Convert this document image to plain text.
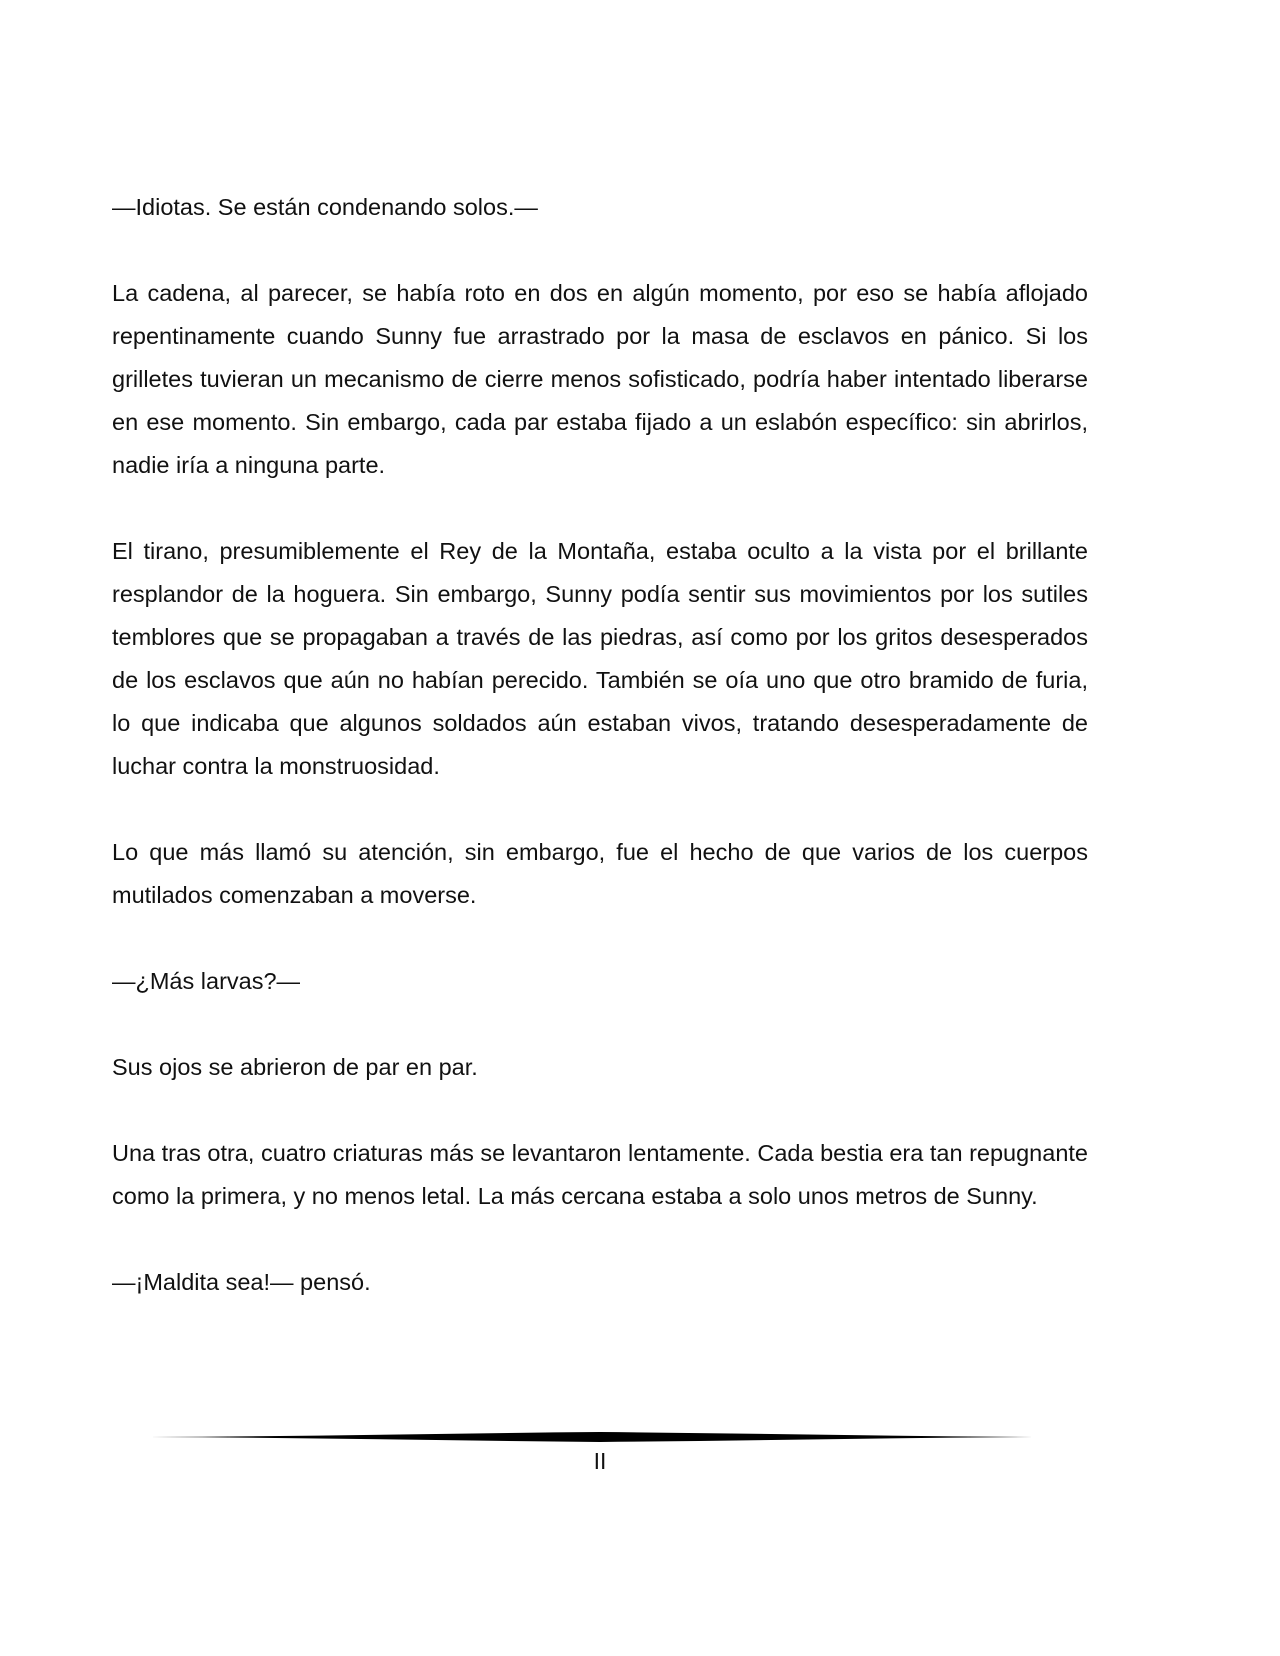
—Idiotas. Se están condenando solos.—

La cadena, al parecer, se había roto en dos en algún momento, por eso se había aflojado repentinamente cuando Sunny fue arrastrado por la masa de esclavos en pánico. Si los grilletes tuvieran un mecanismo de cierre menos sofisticado, podría haber intentado liberarse en ese momento. Sin embargo, cada par estaba fijado a un eslabón específico: sin abrirlos, nadie iría a ninguna parte.

El tirano, presumiblemente el Rey de la Montaña, estaba oculto a la vista por el brillante resplandor de la hoguera. Sin embargo, Sunny podía sentir sus movimientos por los sutiles temblores que se propagaban a través de las piedras, así como por los gritos desesperados de los esclavos que aún no habían perecido. También se oía uno que otro bramido de furia, lo que indicaba que algunos soldados aún estaban vivos, tratando desesperadamente de luchar contra la monstruosidad.

Lo que más llamó su atención, sin embargo, fue el hecho de que varios de los cuerpos mutilados comenzaban a moverse.

—¿Más larvas?—

Sus ojos se abrieron de par en par.

Una tras otra, cuatro criaturas más se levantaron lentamente. Cada bestia era tan repugnante como la primera, y no menos letal. La más cercana estaba a solo unos metros de Sunny.

—¡Maldita sea!— pensó.

II
